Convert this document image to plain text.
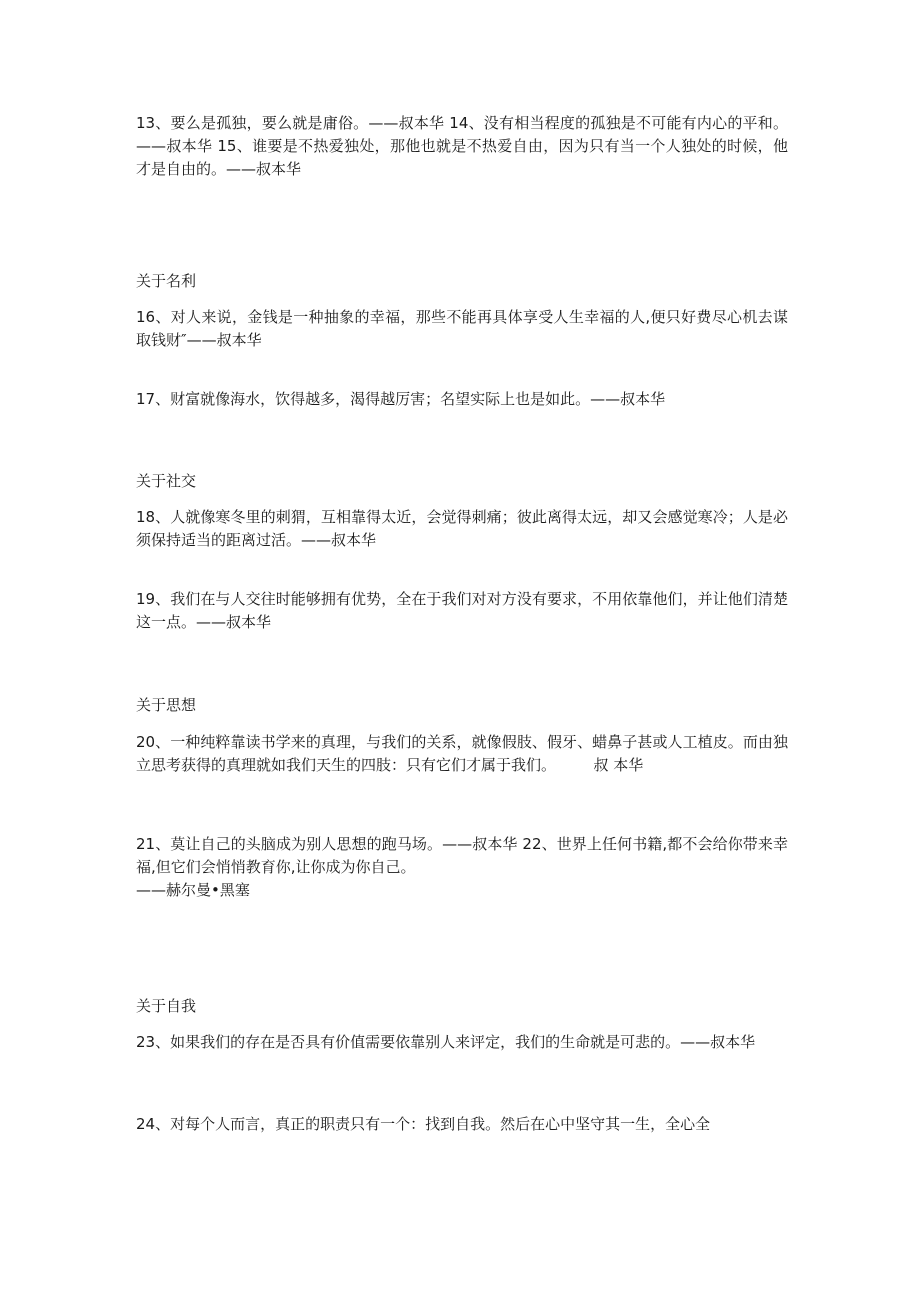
13、要么是孤独，要么就是庸俗。——叔本华 14、没有相当程度的孤独是不可能有内心的平和。——叔本华 15、谁要是不热爱独处，那他也就是不热爱自由，因为只有当一个人独处的时候，他才是自由的。——叔本华

关于名利

16、对人来说，金钱是一种抽象的幸福，那些不能再具体享受人生幸福的人,便只好费尽心机去谋取钱财″——叔本华

17、财富就像海水，饮得越多，渴得越厉害；名望实际上也是如此。——叔本华

关于社交

18、人就像寒冬里的刺猬，互相靠得太近，会觉得刺痛；彼此离得太远，却又会感觉寒冷；人是必须保持适当的距离过活。——叔本华

19、我们在与人交往时能够拥有优势，全在于我们对对方没有要求，不用依靠他们，并让他们清楚这一点。——叔本华

关于思想

20、一种纯粹靠读书学来的真理，与我们的关系，就像假肢、假牙、蜡鼻子甚或人工植皮。而由独立思考获得的真理就如我们天生的四肢：只有它们才属于我们。　　　叔 本华

21、莫让自己的头脑成为别人思想的跑马场。——叔本华 22、世界上任何书籍,都不会给你带来幸福,但它们会悄悄教育你,让你成为你自己。
——赫尔曼•黑塞

关于自我

23、如果我们的存在是否具有价值需要依靠别人来评定，我们的生命就是可悲的。——叔本华

24、对每个人而言，真正的职责只有一个：找到自我。然后在心中坚守其一生，全心全
